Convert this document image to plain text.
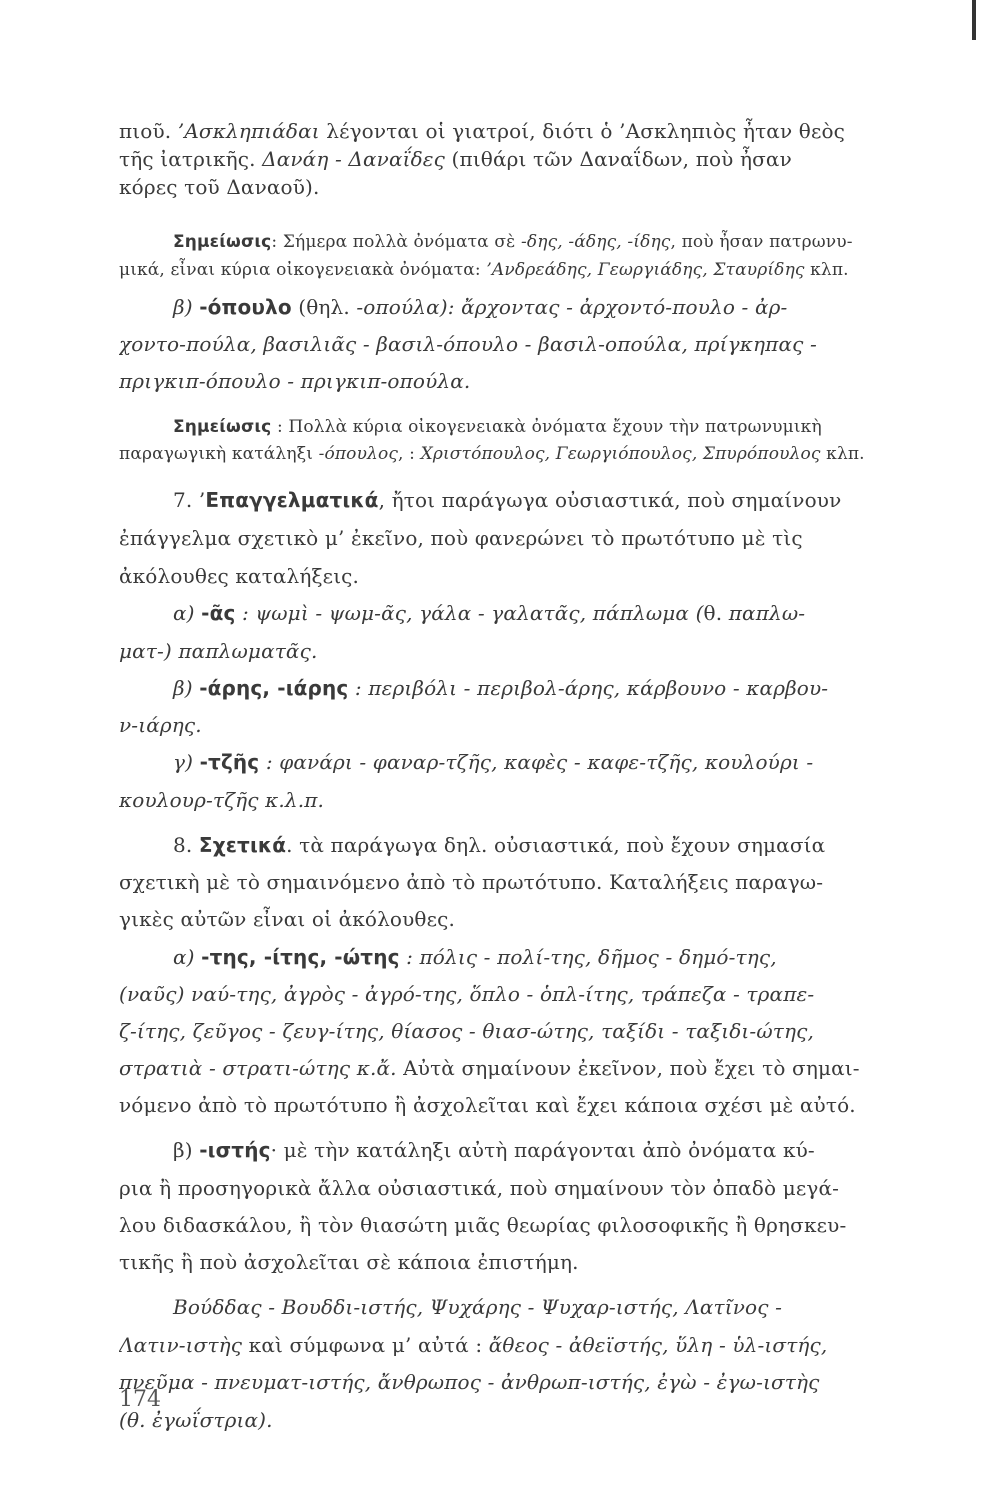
πιοῦ. ’Ασκληπιάδαι λέγονται οἱ γιατροί, διότι ὁ ’Ασκληπιὸς ἦταν θεὸς
τῆς ἰατρικῆς. Δανάη - Δαναΐδες (πιθάρι τῶν Δαναΐδων, ποὺ ἦσαν
κόρες τοῦ Δαναοῦ).
Σημείωσις: Σήμερα πολλὰ ὀνόματα σὲ -δης, -άδης, -ίδης, ποὺ ἦσαν πατρωνυ-
μικά, εἶναι κύρια οἰκογενειακὰ ὀνόματα: ’Ανδρεάδης, Γεωργιάδης, Σταυρίδης κλπ.
β) -όπουλο (θηλ. -οπούλα): ἄρχοντας - ἀρχοντό-πουλο - ἀρ-
χοντο-πούλα, βασιλιᾶς - βασιλ-όπουλο - βασιλ-οπούλα, πρίγκηπας -
πριγκιπ-όπουλο - πριγκιπ-οπούλα.
Σημείωσις : Πολλὰ κύρια οἰκογενειακὰ ὀνόματα ἔχουν τὴν πατρωνυμικὴ
παραγωγικὴ κατάληξι -όπουλος, : Χριστόπουλος, Γεωργιόπουλος, Σπυρόπουλος κλπ.
7. ’Επαγγελματικά, ἤτοι παράγωγα οὐσιαστικά, ποὺ σημαίνουν
ἐπάγγελμα σχετικὸ μ’ ἐκεῖνο, ποὺ φανερώνει τὸ πρωτότυπο μὲ τὶς
ἀκόλουθες καταλήξεις.
α) -ᾶς : ψωμὶ - ψωμ-ᾶς, γάλα - γαλατᾶς, πάπλωμα (θ. παπλω-
ματ-) παπλωματᾶς.
β) -άρης, -ιάρης : περιβόλι - περιβολ-άρης, κάρβουνο - καρβου-
ν-ιάρης.
γ) -τζῆς : φανάρι - φαναρ-τζῆς, καφὲς - καφε-τζῆς, κουλούρι -
κουλουρ-τζῆς κ.λ.π.
8. Σχετικά. τὰ παράγωγα δηλ. οὐσιαστικά, ποὺ ἔχουν σημασία
σχετικὴ μὲ τὸ σημαινόμενο ἀπὸ τὸ πρωτότυπο. Καταλήξεις παραγω-
γικὲς αὐτῶν εἶναι οἱ ἀκόλουθες.
α) -της, -ίτης, -ώτης : πόλις - πολί-της, δῆμος - δημό-της,
(ναῦς) ναύ-της, ἀγρὸς - ἀγρό-της, ὅπλο - ὁπλ-ίτης, τράπεζα - τραπε-
ζ-ίτης, ζεῦγος - ζευγ-ίτης, θίασος - θιασ-ώτης, ταξίδι - ταξιδι-ώτης,
στρατιὰ - στρατι-ώτης κ.ἄ. Αὐτὰ σημαίνουν ἐκεῖνον, ποὺ ἔχει τὸ σημαι-
νόμενο ἀπὸ τὸ πρωτότυπο ἢ ἀσχολεῖται καὶ ἔχει κάποια σχέσι μὲ αὐτό.
β) -ιστής· μὲ τὴν κατάληξι αὐτὴ παράγονται ἀπὸ ὀνόματα κύ-
ρια ἢ προσηγορικὰ ἄλλα οὐσιαστικά, ποὺ σημαίνουν τὸν ὀπαδὸ μεγά-
λου διδασκάλου, ἢ τὸν θιασώτη μιᾶς θεωρίας φιλοσοφικῆς ἢ θρησκευ-
τικῆς ἢ ποὺ ἀσχολεῖται σὲ κάποια ἐπιστήμη.
Βούδδας - Βουδδι-ιστής, Ψυχάρης - Ψυχαρ-ιστής, Λατῖνος -
Λατιν-ιστὴς καὶ σύμφωνα μ’ αὐτά : ἄθεος - ἀθεϊστής, ὕλη - ὑλ-ιστής,
πνεῦμα - πνευματ-ιστής, ἄνθρωπος - ἀνθρωπ-ιστής, ἐγὼ - ἐγω-ιστὴς
(θ. ἐγωΐστρια).
174
